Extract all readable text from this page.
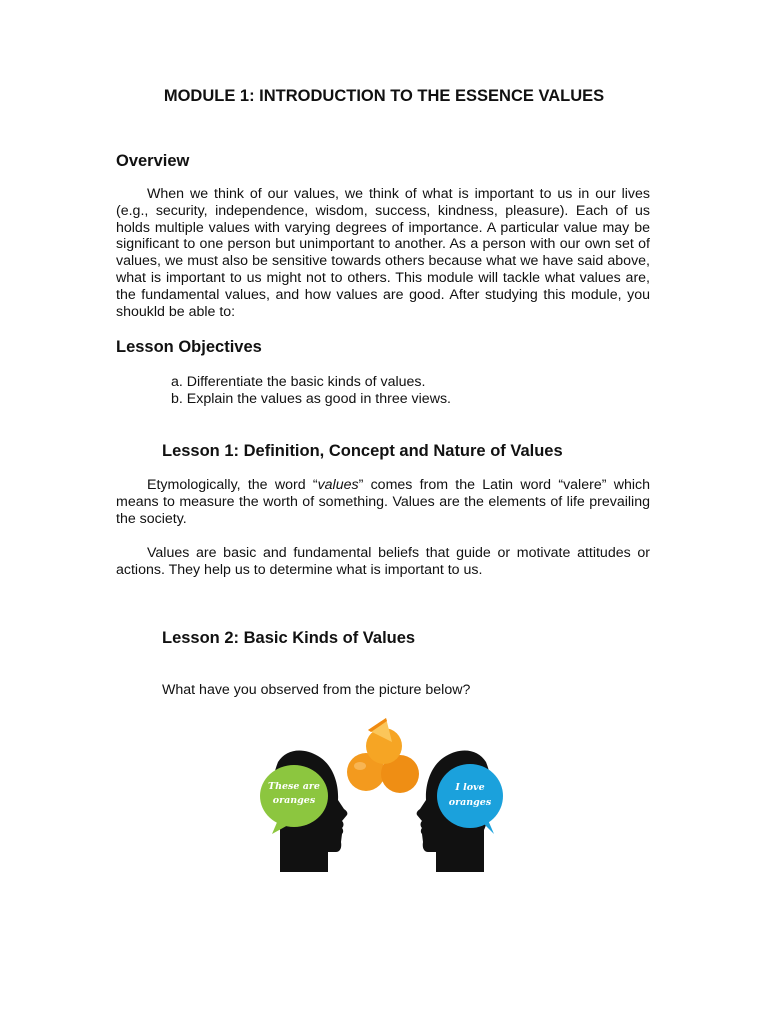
MODULE 1: INTRODUCTION TO THE ESSENCE VALUES
Overview

When we think of our values, we think of what is important to us in our lives (e.g., security, independence, wisdom, success, kindness, pleasure). Each of us holds multiple values with varying degrees of importance. A particular value may be significant to one person but unimportant to another. As a person with our own set of values, we must also be sensitive towards others because what we have said above, what is important to us might not to others. This module will tackle what values are, the fundamental values, and how values are good. After studying this module, you shoukld be able to:

Lesson Objectives

a. Differentiate the basic kinds of values.

b. Explain the values as good in three views.

Lesson 1: Definition, Concept and Nature of Values

Etymologically, the word “values” comes from the Latin word “valere” which means to measure the worth of something. Values are the elements of life prevailing the society.

Values are basic and fundamental beliefs that guide or motivate attitudes or actions. They help us to determine what is important to us.

Lesson 2: Basic Kinds of Values

What have you observed from the picture below?

These are
oranges
I love
oranges
